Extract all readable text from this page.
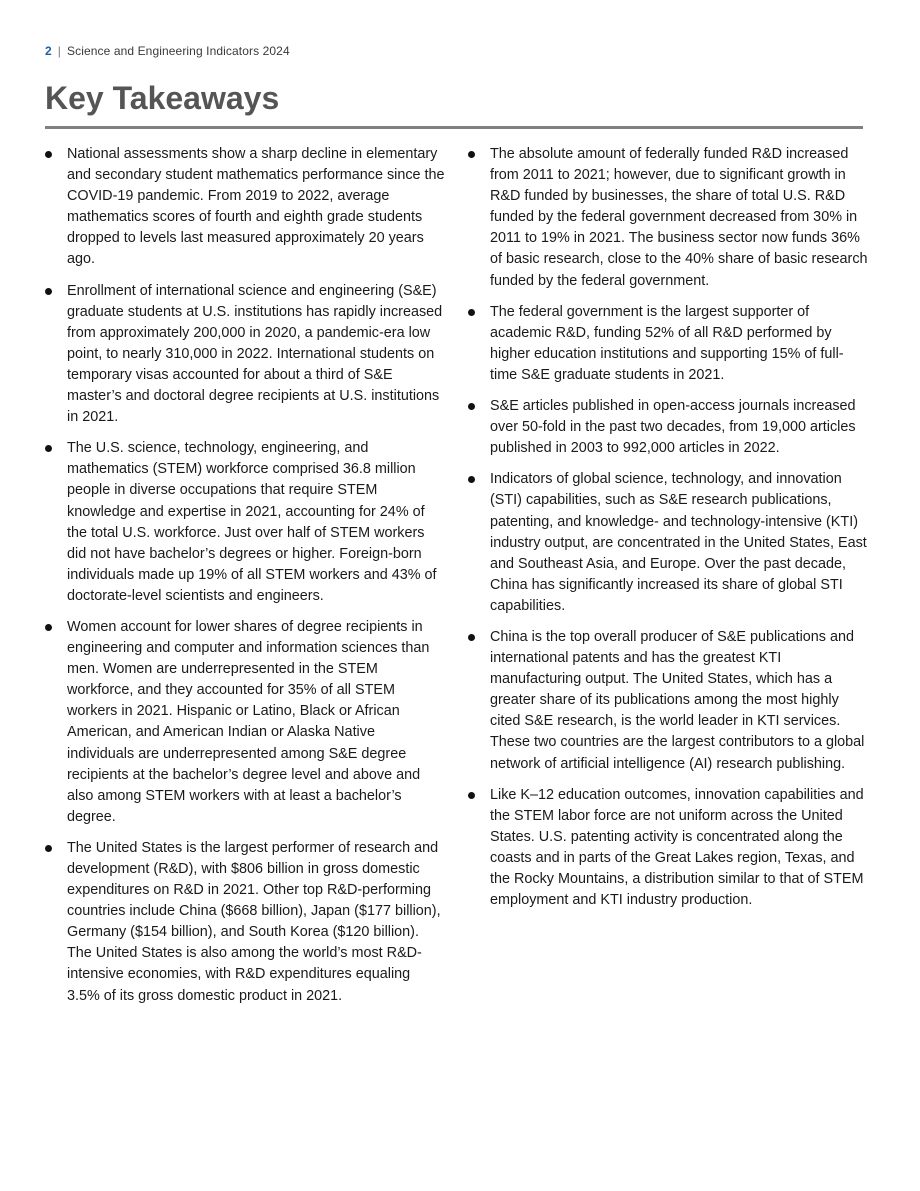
2 | Science and Engineering Indicators 2024
Key Takeaways
National assessments show a sharp decline in elementary and secondary student mathematics performance since the COVID-19 pandemic. From 2019 to 2022, average mathematics scores of fourth and eighth grade students dropped to levels last measured approximately 20 years ago.
Enrollment of international science and engineering (S&E) graduate students at U.S. institutions has rapidly increased from approximately 200,000 in 2020, a pandemic-era low point, to nearly 310,000 in 2022. International students on temporary visas accounted for about a third of S&E master’s and doctoral degree recipients at U.S. institutions in 2021.
The U.S. science, technology, engineering, and mathematics (STEM) workforce comprised 36.8 million people in diverse occupations that require STEM knowledge and expertise in 2021, accounting for 24% of the total U.S. workforce. Just over half of STEM workers did not have bachelor’s degrees or higher. Foreign-born individuals made up 19% of all STEM workers and 43% of doctorate-level scientists and engineers.
Women account for lower shares of degree recipients in engineering and computer and information sciences than men. Women are underrepresented in the STEM workforce, and they accounted for 35% of all STEM workers in 2021. Hispanic or Latino, Black or African American, and American Indian or Alaska Native individuals are underrepresented among S&E degree recipients at the bachelor’s degree level and above and also among STEM workers with at least a bachelor’s degree.
The United States is the largest performer of research and development (R&D), with $806 billion in gross domestic expenditures on R&D in 2021. Other top R&D-performing countries include China ($668 billion), Japan ($177 billion), Germany ($154 billion), and South Korea ($120 billion). The United States is also among the world’s most R&D-intensive economies, with R&D expenditures equaling 3.5% of its gross domestic product in 2021.
The absolute amount of federally funded R&D increased from 2011 to 2021; however, due to significant growth in R&D funded by businesses, the share of total U.S. R&D funded by the federal government decreased from 30% in 2011 to 19% in 2021. The business sector now funds 36% of basic research, close to the 40% share of basic research funded by the federal government.
The federal government is the largest supporter of academic R&D, funding 52% of all R&D performed by higher education institutions and supporting 15% of full-time S&E graduate students in 2021.
S&E articles published in open-access journals increased over 50-fold in the past two decades, from 19,000 articles published in 2003 to 992,000 articles in 2022.
Indicators of global science, technology, and innovation (STI) capabilities, such as S&E research publications, patenting, and knowledge- and technology-intensive (KTI) industry output, are concentrated in the United States, East and Southeast Asia, and Europe. Over the past decade, China has significantly increased its share of global STI capabilities.
China is the top overall producer of S&E publications and international patents and has the greatest KTI manufacturing output. The United States, which has a greater share of its publications among the most highly cited S&E research, is the world leader in KTI services. These two countries are the largest contributors to a global network of artificial intelligence (AI) research publishing.
Like K–12 education outcomes, innovation capabilities and the STEM labor force are not uniform across the United States. U.S. patenting activity is concentrated along the coasts and in parts of the Great Lakes region, Texas, and the Rocky Mountains, a distribution similar to that of STEM employment and KTI industry production.
